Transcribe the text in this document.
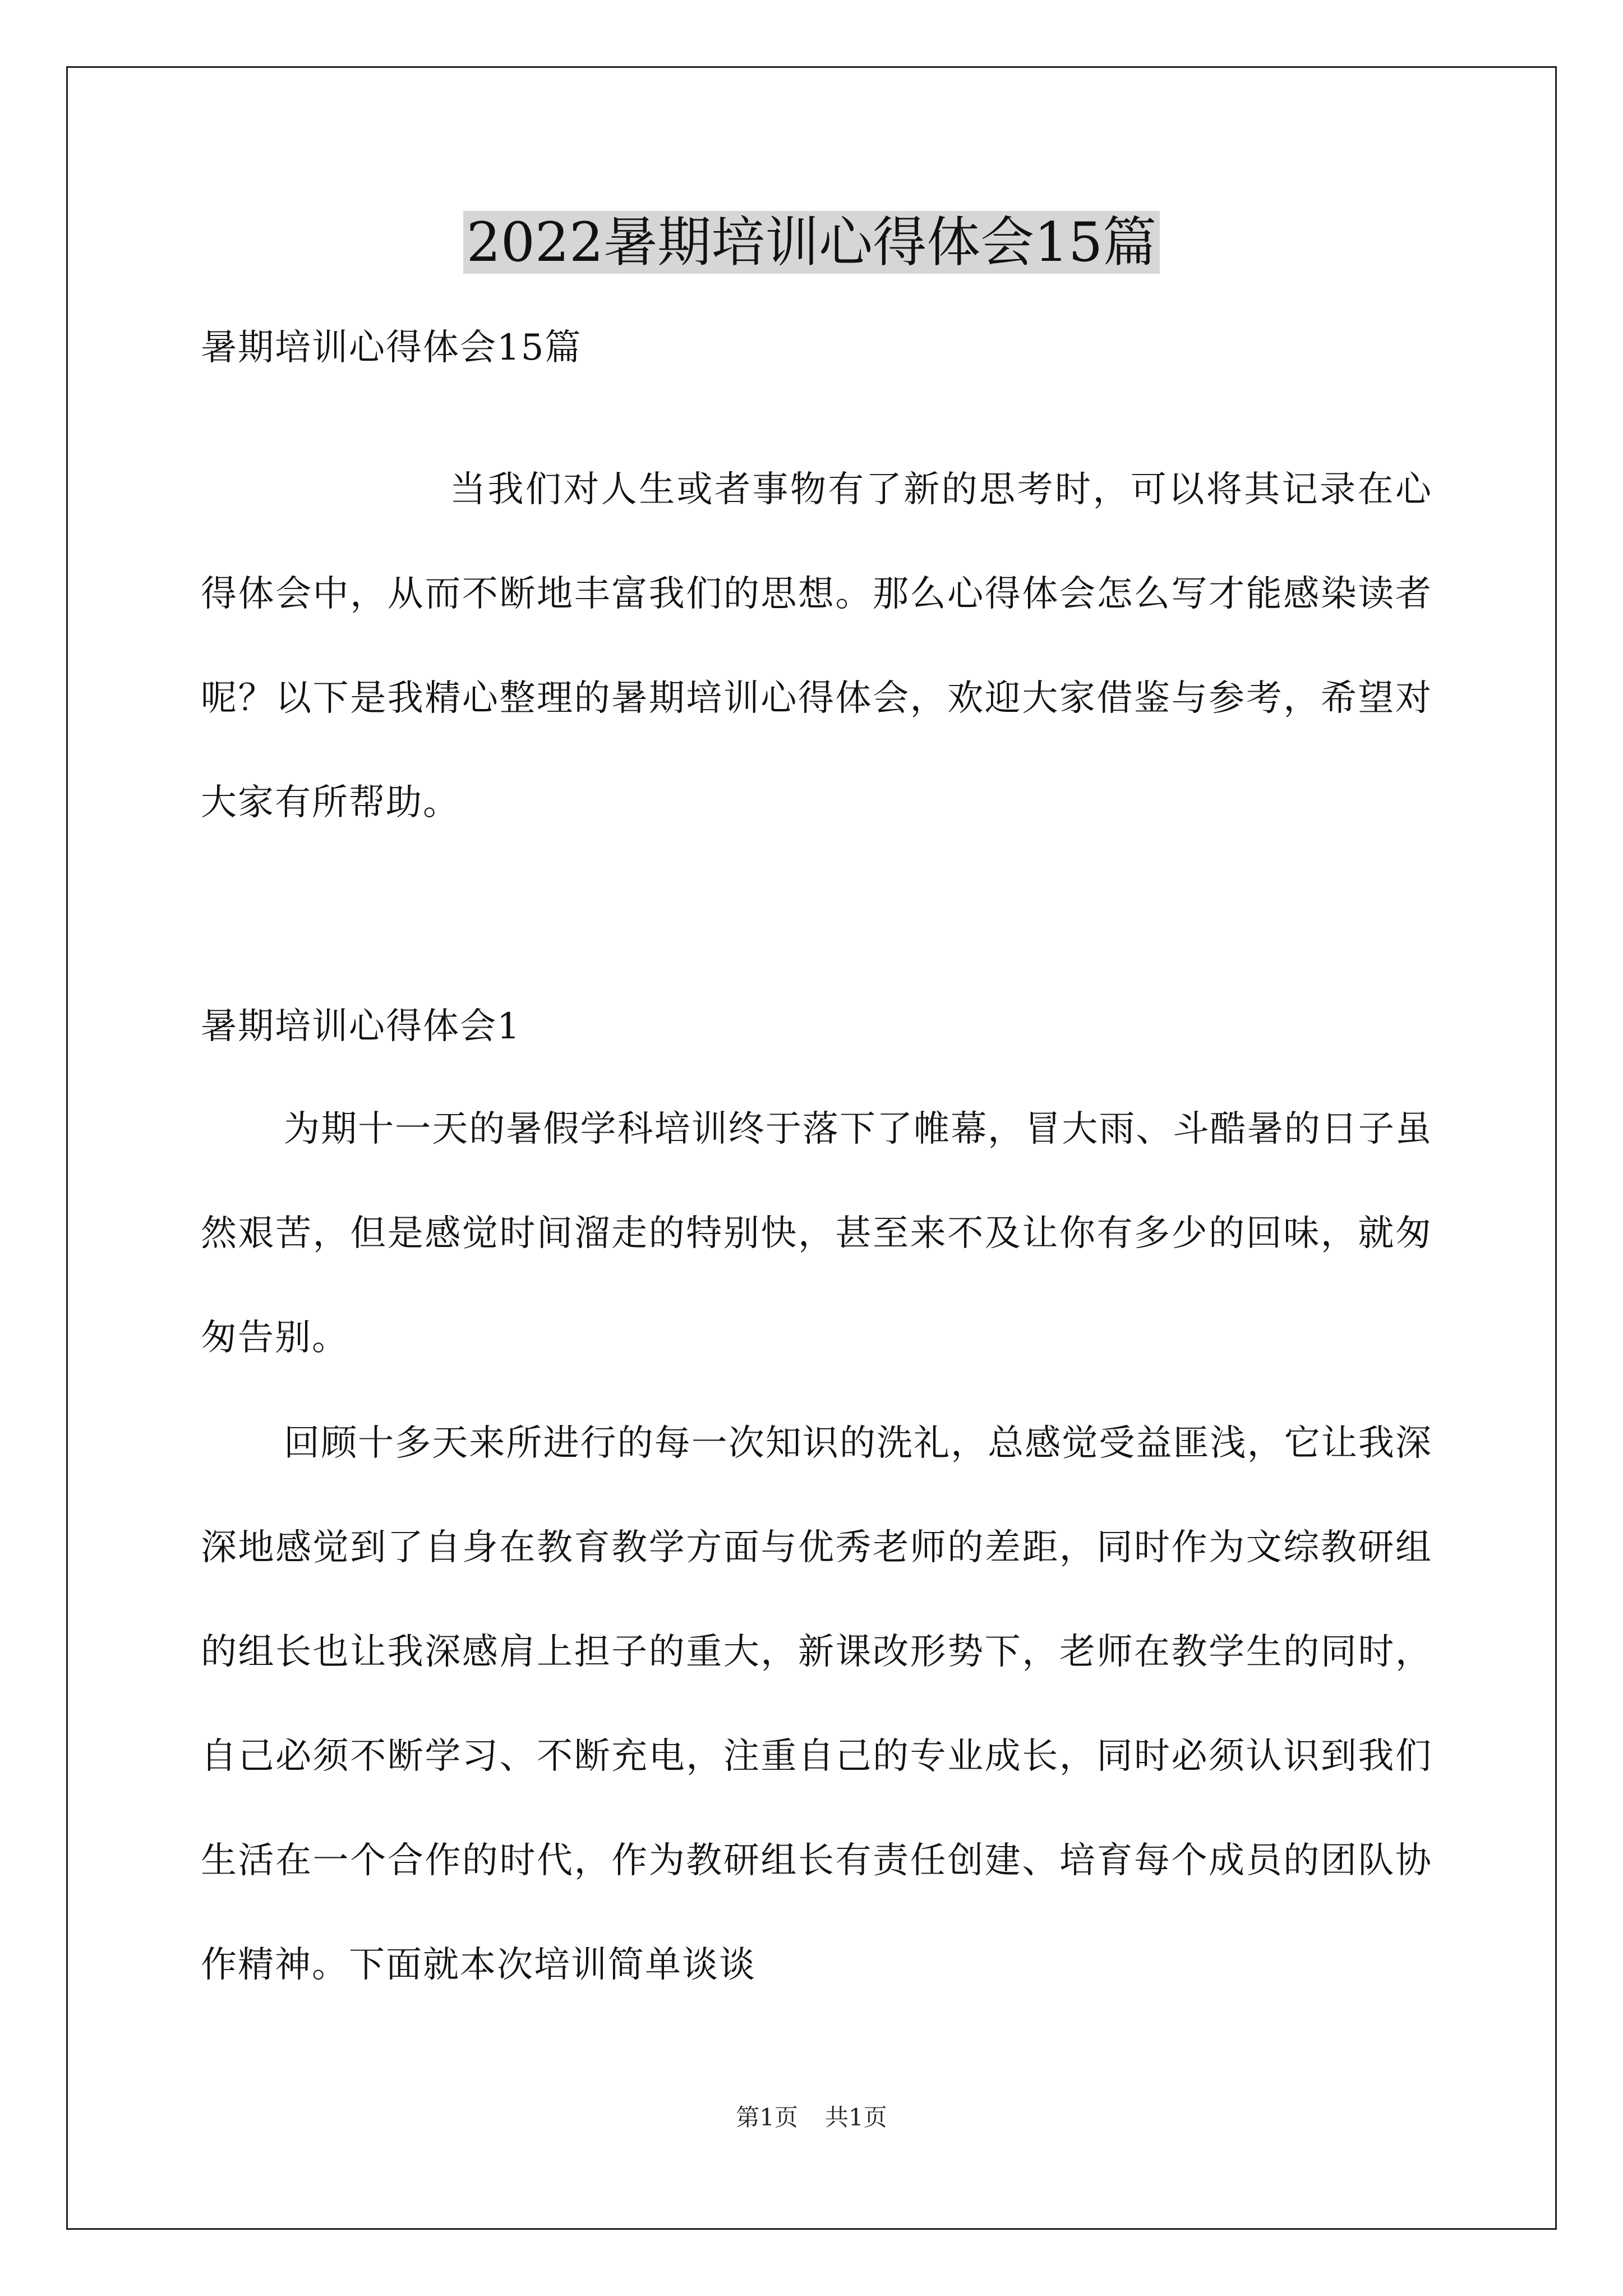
2022暑期培训心得体会15篇
暑期培训心得体会15篇
当我们对人生或者事物有了新的思考时，可以将其记录在心得体会中，从而不断地丰富我们的思想。那么心得体会怎么写才能感染读者呢？以下是我精心整理的暑期培训心得体会，欢迎大家借鉴与参考，希望对大家有所帮助。
暑期培训心得体会1
为期十一天的暑假学科培训终于落下了帷幕，冒大雨、斗酷暑的日子虽然艰苦，但是感觉时间溜走的特别快，甚至来不及让你有多少的回味，就匆匆告别。
回顾十多天来所进行的每一次知识的洗礼，总感觉受益匪浅，它让我深深地感觉到了自身在教育教学方面与优秀老师的差距，同时作为文综教研组的组长也让我深感肩上担子的重大，新课改形势下，老师在教学生的同时，自己必须不断学习、不断充电，注重自己的专业成长，同时必须认识到我们生活在一个合作的时代，作为教研组长有责任创建、培育每个成员的团队协作精神。下面就本次培训简单谈谈
第1页 共1页
